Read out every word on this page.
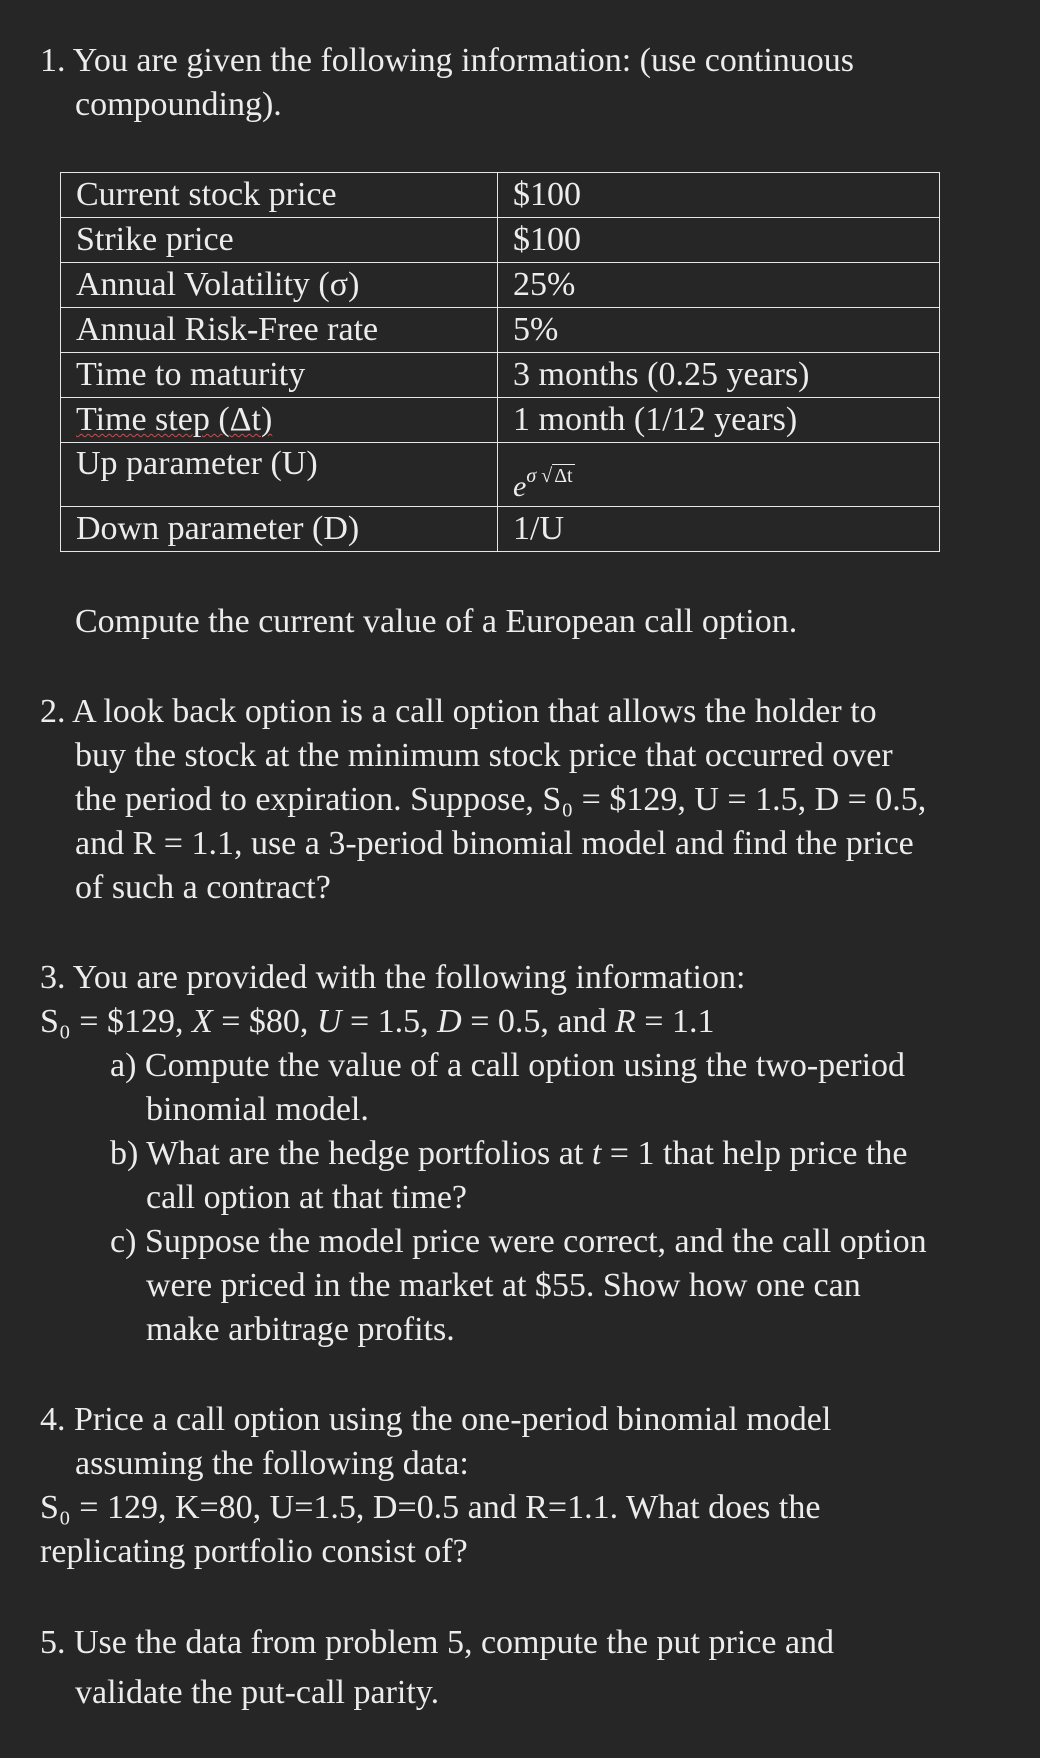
1. You are given the following information: (use continuous
compounding).
Current stock price	$100
Strike price	$100
Annual Volatility (σ)	25%
Annual Risk-Free rate	5%
Time to maturity	3 months (0.25 years)
Time step (Δt)	1 month (1/12 years)
Up parameter (U)	$e^{\sigma √ \Delta t}$
Down parameter (D)	1/U
Compute the current value of a European call option.
2. A look back option is a call option that allows the holder to
buy the stock at the minimum stock price that occurred over
the period to expiration. Suppose, S₀ = $129, U = 1.5, D = 0.5,
and R = 1.1, use a 3-period binomial model and find the price
of such a contract?
3. You are provided with the following information:
S₀ = $129, X = $80, U = 1.5, D = 0.5, and R = 1.1
a) Compute the value of a call option using the two-period
binomial model.
b) What are the hedge portfolios at t = 1 that help price the
call option at that time?
c) Suppose the model price were correct, and the call option
were priced in the market at $55. Show how one can
make arbitrage profits.
4. Price a call option using the one-period binomial model
assuming the following data:
S₀ = 129, K=80, U=1.5, D=0.5 and R=1.1. What does the
replicating portfolio consist of?
5. Use the data from problem 5, compute the put price and
validate the put-call parity.
